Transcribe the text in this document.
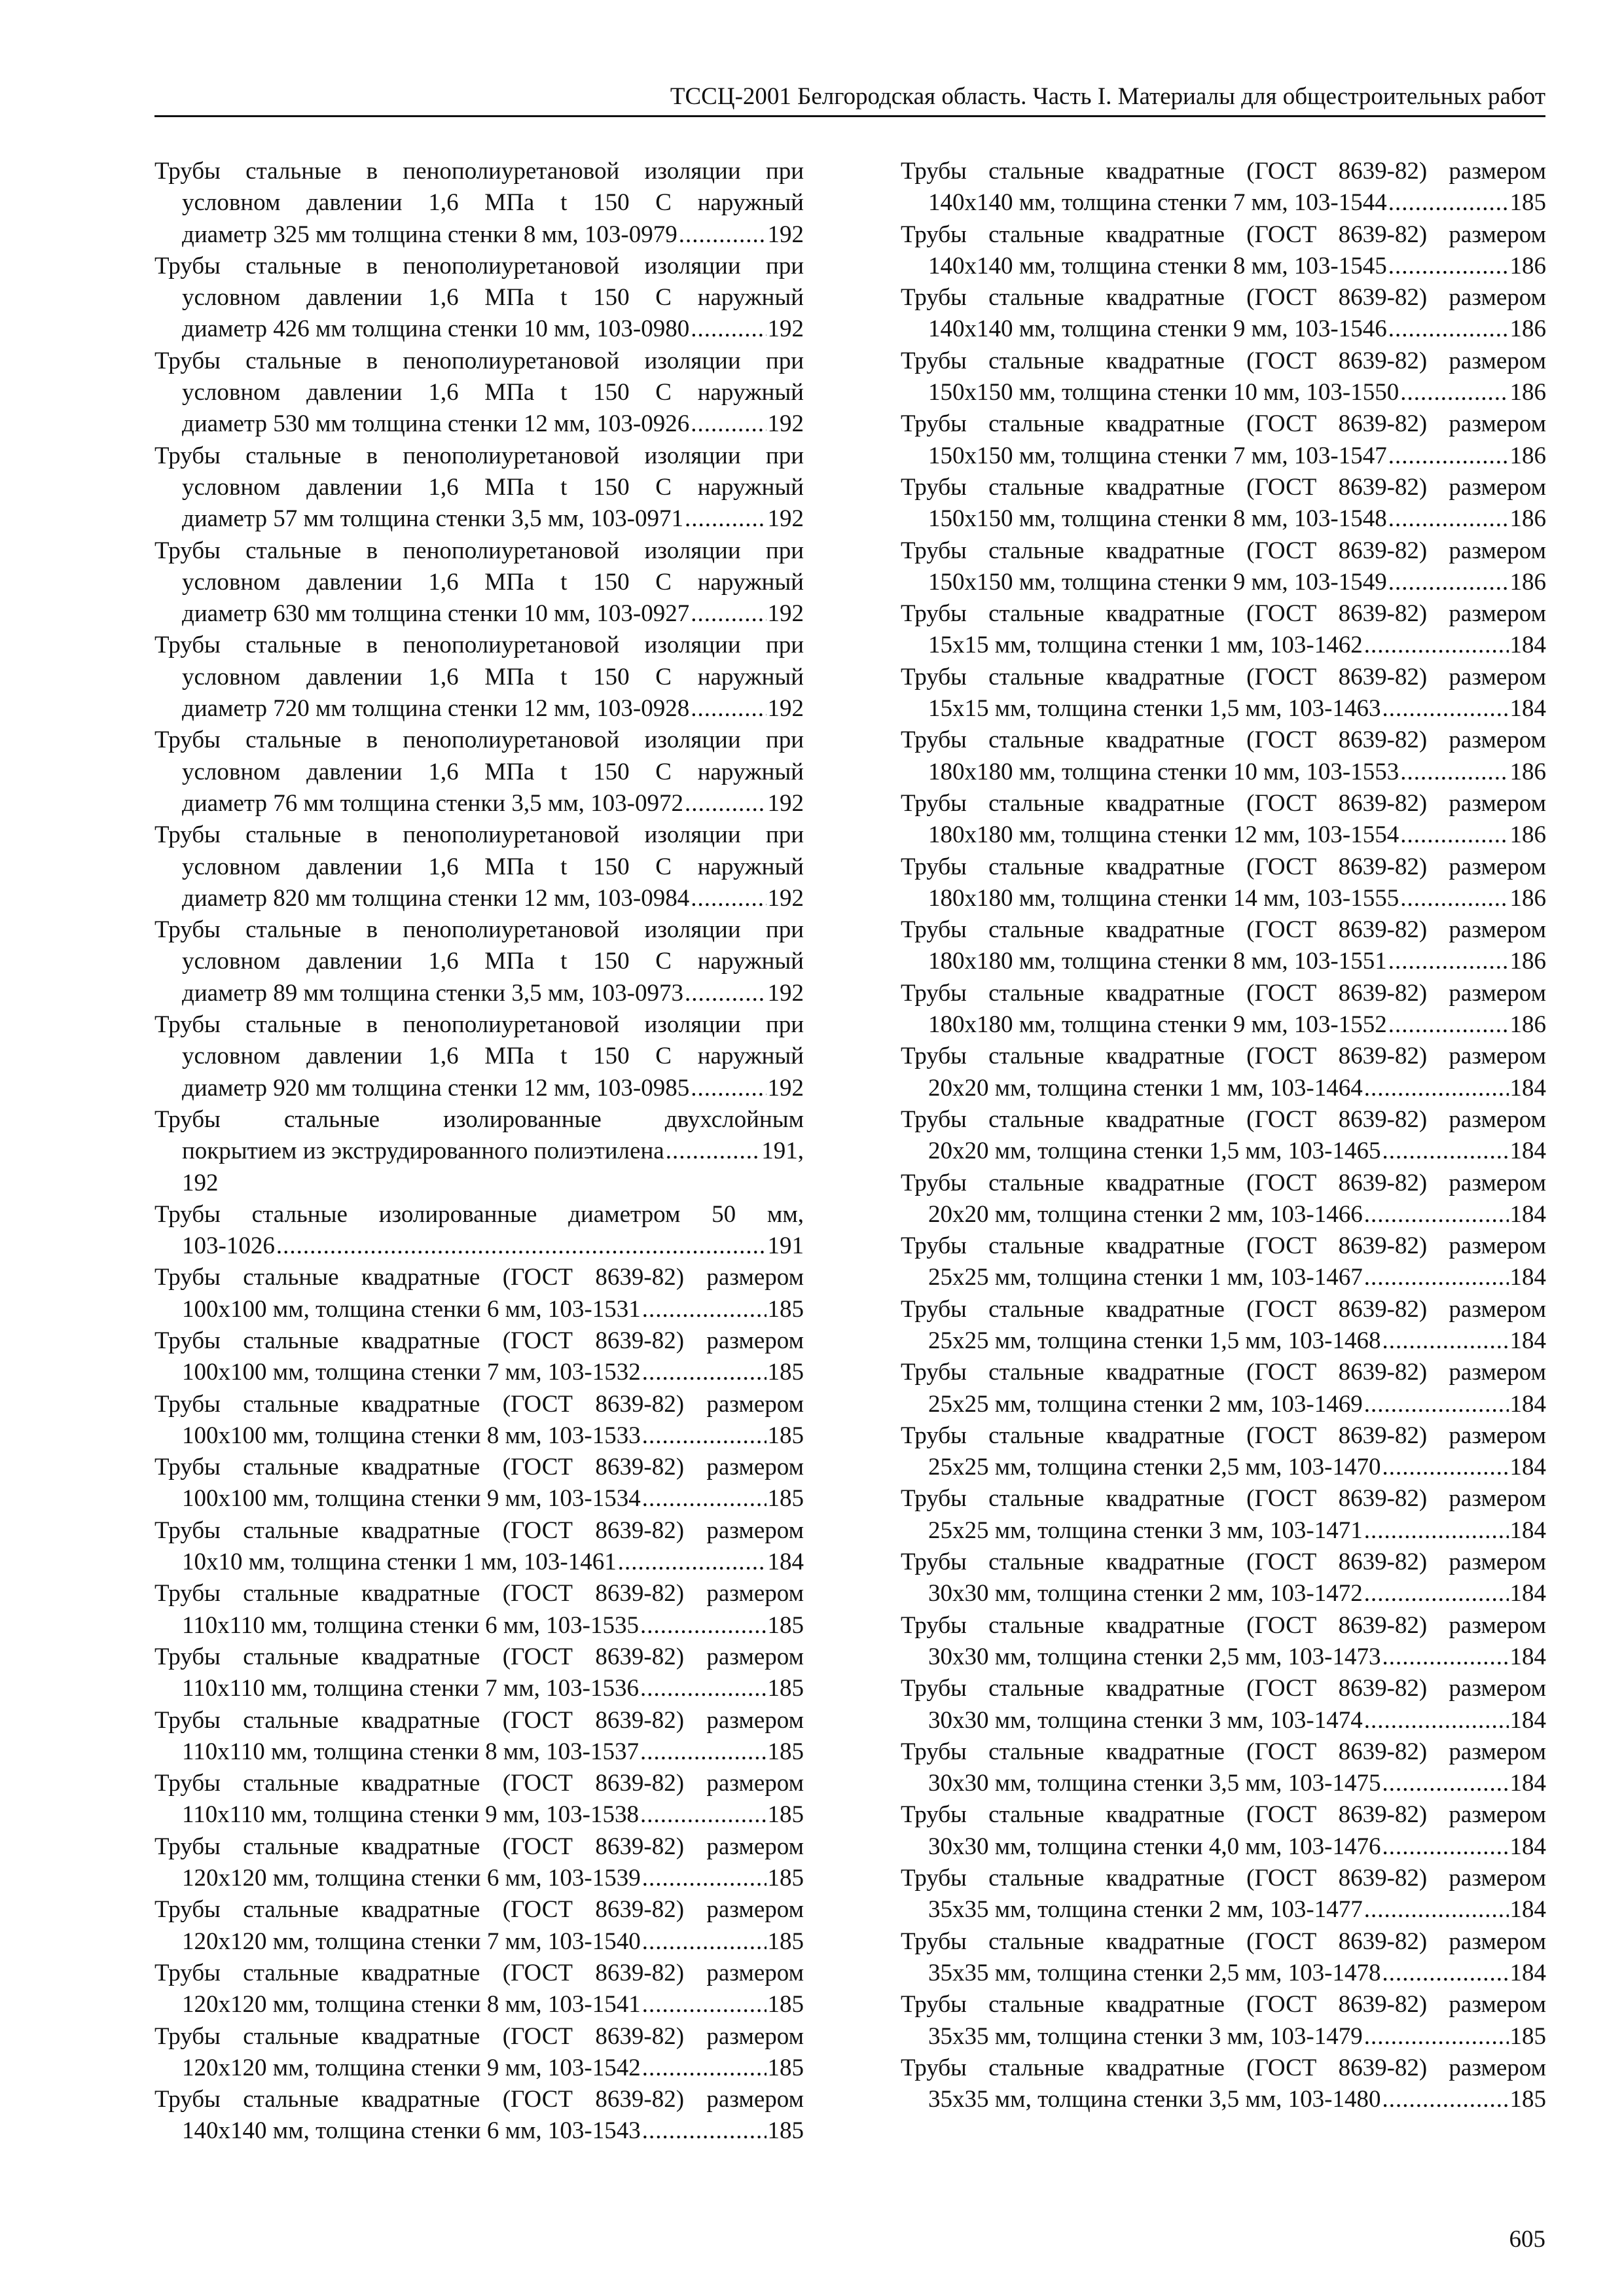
ТССЦ-2001 Белгородская область. Часть I. Материалы для общестроительных работ
Трубы стальные в пенополиуретановой изоляции при
условном давлении 1,6 МПа t 150 С наружный
диаметр 325 мм толщина стенки 8 мм, 103-0979 .....	192
Трубы стальные в пенополиуретановой изоляции при
условном давлении 1,6 МПа t 150 С наружный
диаметр 426 мм толщина стенки 10 мм, 103-0980 .....	192
Трубы стальные в пенополиуретановой изоляции при
условном давлении 1,6 МПа t 150 С наружный
диаметр 530 мм толщина стенки 12 мм, 103-0926 .....	192
Трубы стальные в пенополиуретановой изоляции при
условном давлении 1,6 МПа t 150 С наружный
диаметр 57 мм толщина стенки 3,5 мм, 103-0971 .....	192
Трубы стальные в пенополиуретановой изоляции при
условном давлении 1,6 МПа t 150 С наружный
диаметр 630 мм толщина стенки 10 мм, 103-0927 .....	192
Трубы стальные в пенополиуретановой изоляции при
условном давлении 1,6 МПа t 150 С наружный
диаметр 720 мм толщина стенки 12 мм, 103-0928 .....	192
Трубы стальные в пенополиуретановой изоляции при
условном давлении 1,6 МПа t 150 С наружный
диаметр 76 мм толщина стенки 3,5 мм, 103-0972 .....	192
Трубы стальные в пенополиуретановой изоляции при
условном давлении 1,6 МПа t 150 С наружный
диаметр 820 мм толщина стенки 12 мм, 103-0984 .....	192
Трубы стальные в пенополиуретановой изоляции при
условном давлении 1,6 МПа t 150 С наружный
диаметр 89 мм толщина стенки 3,5 мм, 103-0973 .....	192
Трубы стальные в пенополиуретановой изоляции при
условном давлении 1,6 МПа t 150 С наружный
диаметр 920 мм толщина стенки 12 мм, 103-0985 .....	192
Трубы стальные изолированные двухслойным
покрытием из экструдированного полиэтилена .....	191,
192
Трубы стальные изолированные диаметром 50 мм,
103-1026 .....	191
Трубы стальные квадратные (ГОСТ 8639-82) размером
100х100 мм, толщина стенки 6 мм, 103-1531 .....	185
Трубы стальные квадратные (ГОСТ 8639-82) размером
100х100 мм, толщина стенки 7 мм, 103-1532 .....	185
Трубы стальные квадратные (ГОСТ 8639-82) размером
100х100 мм, толщина стенки 8 мм, 103-1533 .....	185
Трубы стальные квадратные (ГОСТ 8639-82) размером
100х100 мм, толщина стенки 9 мм, 103-1534 .....	185
Трубы стальные квадратные (ГОСТ 8639-82) размером
10х10 мм, толщина стенки 1 мм, 103-1461 .....	184
Трубы стальные квадратные (ГОСТ 8639-82) размером
110х110 мм, толщина стенки 6 мм, 103-1535 .....	185
Трубы стальные квадратные (ГОСТ 8639-82) размером
110х110 мм, толщина стенки 7 мм, 103-1536 .....	185
Трубы стальные квадратные (ГОСТ 8639-82) размером
110х110 мм, толщина стенки 8 мм, 103-1537 .....	185
Трубы стальные квадратные (ГОСТ 8639-82) размером
110х110 мм, толщина стенки 9 мм, 103-1538 .....	185
Трубы стальные квадратные (ГОСТ 8639-82) размером
120х120 мм, толщина стенки 6 мм, 103-1539 .....	185
Трубы стальные квадратные (ГОСТ 8639-82) размером
120х120 мм, толщина стенки 7 мм, 103-1540 .....	185
Трубы стальные квадратные (ГОСТ 8639-82) размером
120х120 мм, толщина стенки 8 мм, 103-1541 .....	185
Трубы стальные квадратные (ГОСТ 8639-82) размером
120х120 мм, толщина стенки 9 мм, 103-1542 .....	185
Трубы стальные квадратные (ГОСТ 8639-82) размером
140х140 мм, толщина стенки 6 мм, 103-1543 .....	185
Трубы стальные квадратные (ГОСТ 8639-82) размером
140х140 мм, толщина стенки 7 мм, 103-1544 .....	185
Трубы стальные квадратные (ГОСТ 8639-82) размером
140х140 мм, толщина стенки 8 мм, 103-1545 .....	186
Трубы стальные квадратные (ГОСТ 8639-82) размером
140х140 мм, толщина стенки 9 мм, 103-1546 .....	186
Трубы стальные квадратные (ГОСТ 8639-82) размером
150х150 мм, толщина стенки 10 мм, 103-1550 .....	186
Трубы стальные квадратные (ГОСТ 8639-82) размером
150х150 мм, толщина стенки 7 мм, 103-1547 .....	186
Трубы стальные квадратные (ГОСТ 8639-82) размером
150х150 мм, толщина стенки 8 мм, 103-1548 .....	186
Трубы стальные квадратные (ГОСТ 8639-82) размером
150х150 мм, толщина стенки 9 мм, 103-1549 .....	186
Трубы стальные квадратные (ГОСТ 8639-82) размером
15х15 мм, толщина стенки 1 мм, 103-1462 .....	184
Трубы стальные квадратные (ГОСТ 8639-82) размером
15х15 мм, толщина стенки 1,5 мм, 103-1463 .....	184
Трубы стальные квадратные (ГОСТ 8639-82) размером
180х180 мм, толщина стенки 10 мм, 103-1553 .....	186
Трубы стальные квадратные (ГОСТ 8639-82) размером
180х180 мм, толщина стенки 12 мм, 103-1554 .....	186
Трубы стальные квадратные (ГОСТ 8639-82) размером
180х180 мм, толщина стенки 14 мм, 103-1555 .....	186
Трубы стальные квадратные (ГОСТ 8639-82) размером
180х180 мм, толщина стенки 8 мм, 103-1551 .....	186
Трубы стальные квадратные (ГОСТ 8639-82) размером
180х180 мм, толщина стенки 9 мм, 103-1552 .....	186
Трубы стальные квадратные (ГОСТ 8639-82) размером
20х20 мм, толщина стенки 1 мм, 103-1464 .....	184
Трубы стальные квадратные (ГОСТ 8639-82) размером
20х20 мм, толщина стенки 1,5 мм, 103-1465 .....	184
Трубы стальные квадратные (ГОСТ 8639-82) размером
20х20 мм, толщина стенки 2 мм, 103-1466 .....	184
Трубы стальные квадратные (ГОСТ 8639-82) размером
25х25 мм, толщина стенки 1 мм, 103-1467 .....	184
Трубы стальные квадратные (ГОСТ 8639-82) размером
25х25 мм, толщина стенки 1,5 мм, 103-1468 .....	184
Трубы стальные квадратные (ГОСТ 8639-82) размером
25х25 мм, толщина стенки 2 мм, 103-1469 .....	184
Трубы стальные квадратные (ГОСТ 8639-82) размером
25х25 мм, толщина стенки 2,5 мм, 103-1470 .....	184
Трубы стальные квадратные (ГОСТ 8639-82) размером
25х25 мм, толщина стенки 3 мм, 103-1471 .....	184
Трубы стальные квадратные (ГОСТ 8639-82) размером
30х30 мм, толщина стенки 2 мм, 103-1472 .....	184
Трубы стальные квадратные (ГОСТ 8639-82) размером
30х30 мм, толщина стенки 2,5 мм, 103-1473 .....	184
Трубы стальные квадратные (ГОСТ 8639-82) размером
30х30 мм, толщина стенки 3 мм, 103-1474 .....	184
Трубы стальные квадратные (ГОСТ 8639-82) размером
30х30 мм, толщина стенки 3,5 мм, 103-1475 .....	184
Трубы стальные квадратные (ГОСТ 8639-82) размером
30х30 мм, толщина стенки 4,0 мм, 103-1476 .....	184
Трубы стальные квадратные (ГОСТ 8639-82) размером
35х35 мм, толщина стенки 2 мм, 103-1477 .....	184
Трубы стальные квадратные (ГОСТ 8639-82) размером
35х35 мм, толщина стенки 2,5 мм, 103-1478 .....	184
Трубы стальные квадратные (ГОСТ 8639-82) размером
35х35 мм, толщина стенки 3 мм, 103-1479 .....	185
Трубы стальные квадратные (ГОСТ 8639-82) размером
35х35 мм, толщина стенки 3,5 мм, 103-1480 .....	185
605
